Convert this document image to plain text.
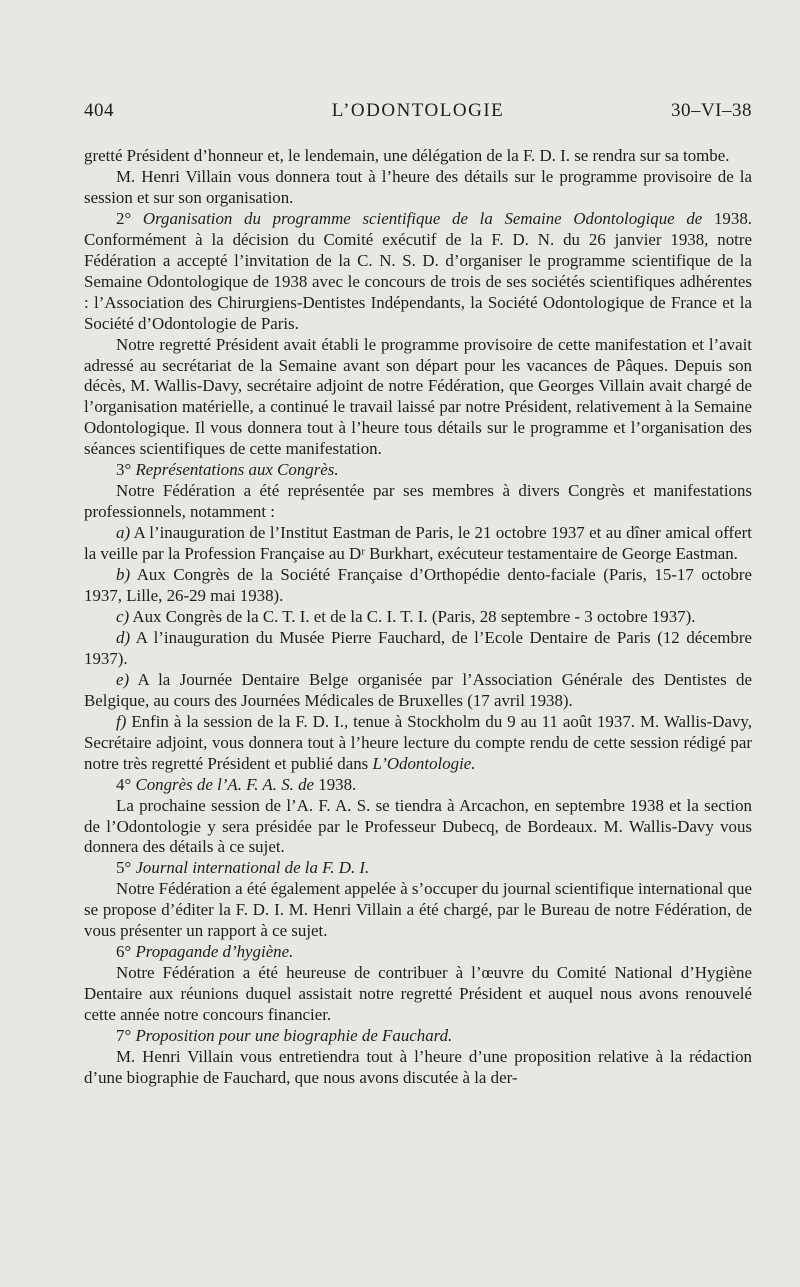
404	L’ODONTOLOGIE	30–VI–38

gretté Président d’honneur et, le lendemain, une délégation de la F. D. I. se rendra sur sa tombe.

M. Henri Villain vous donnera tout à l’heure des détails sur le programme provisoire de la session et sur son organisation.

2° Organisation du programme scientifique de la Semaine Odontologique de 1938. Conformément à la décision du Comité exécutif de la F. D. N. du 26 janvier 1938, notre Fédération a accepté l’invitation de la C. N. S. D. d’organiser le programme scientifique de la Semaine Odontologique de 1938 avec le concours de trois de ses sociétés scientifiques adhérentes : l’Association des Chirurgiens-Dentistes Indépendants, la Société Odontologique de France et la Société d’Odontologie de Paris.

Notre regretté Président avait établi le programme provisoire de cette manifestation et l’avait adressé au secrétariat de la Semaine avant son départ pour les vacances de Pâques. Depuis son décès, M. Wallis-Davy, secrétaire adjoint de notre Fédération, que Georges Villain avait chargé de l’organisation matérielle, a continué le travail laissé par notre Président, relativement à la Semaine Odontologique. Il vous donnera tout à l’heure tous détails sur le programme et l’organisation des séances scientifiques de cette manifestation.

3° Représentations aux Congrès.

Notre Fédération a été représentée par ses membres à divers Congrès et manifestations professionnels, notamment :

a) A l’inauguration de l’Institut Eastman de Paris, le 21 octobre 1937 et au dîner amical offert la veille par la Profession Française au Dʳ Burkhart, exécuteur testamentaire de George Eastman.

b) Aux Congrès de la Société Française d’Orthopédie dento-faciale (Paris, 15-17 octobre 1937, Lille, 26-29 mai 1938).

c) Aux Congrès de la C. T. I. et de la C. I. T. I. (Paris, 28 septembre - 3 octobre 1937).

d) A l’inauguration du Musée Pierre Fauchard, de l’Ecole Dentaire de Paris (12 décembre 1937).

e) A la Journée Dentaire Belge organisée par l’Association Générale des Dentistes de Belgique, au cours des Journées Médicales de Bruxelles (17 avril 1938).

f) Enfin à la session de la F. D. I., tenue à Stockholm du 9 au 11 août 1937. M. Wallis-Davy, Secrétaire adjoint, vous donnera tout à l’heure lecture du compte rendu de cette session rédigé par notre très regretté Président et publié dans L’Odontologie.

4° Congrès de l’A. F. A. S. de 1938.

La prochaine session de l’A. F. A. S. se tiendra à Arcachon, en septembre 1938 et la section de l’Odontologie y sera présidée par le Professeur Dubecq, de Bordeaux. M. Wallis-Davy vous donnera des détails à ce sujet.

5° Journal international de la F. D. I.

Notre Fédération a été également appelée à s’occuper du journal scientifique international que se propose d’éditer la F. D. I. M. Henri Villain a été chargé, par le Bureau de notre Fédération, de vous présenter un rapport à ce sujet.

6° Propagande d’hygiène.

Notre Fédération a été heureuse de contribuer à l’œuvre du Comité National d’Hygiène Dentaire aux réunions duquel assistait notre regretté Président et auquel nous avons renouvelé cette année notre concours financier.

7° Proposition pour une biographie de Fauchard.

M. Henri Villain vous entretiendra tout à l’heure d’une proposition relative à la rédaction d’une biographie de Fauchard, que nous avons discutée à la der-
